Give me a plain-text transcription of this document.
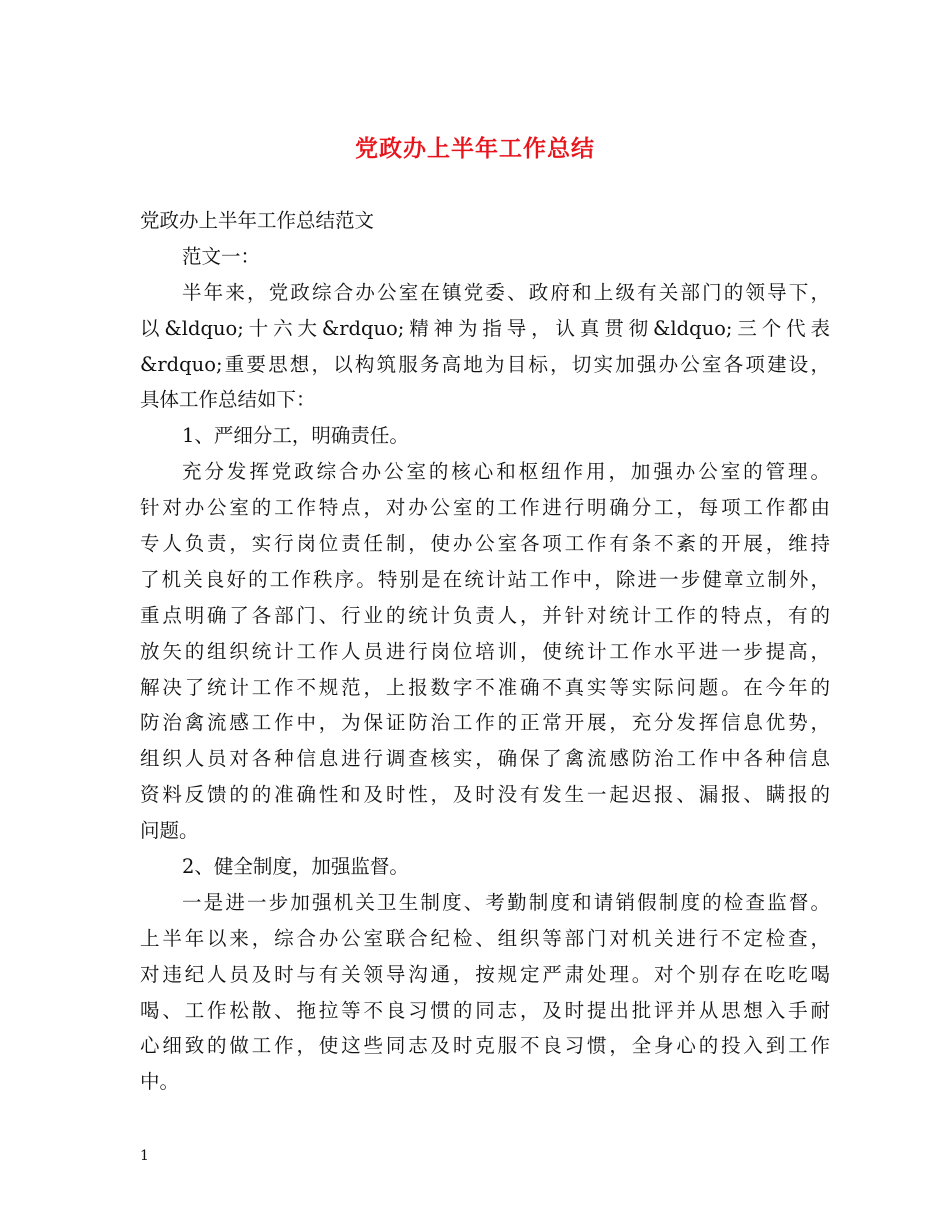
党政办上半年工作总结
党政办上半年工作总结范文
范文一：
半年来，党政综合办公室在镇党委、政府和上级有关部门的领导下，
以&ldquo;十六大&rdquo;精神为指导，认真贯彻&ldquo;三个代表
&rdquo;重要思想，以构筑服务高地为目标，切实加强办公室各项建设，
具体工作总结如下：
1、严细分工，明确责任。
充分发挥党政综合办公室的核心和枢纽作用，加强办公室的管理。
针对办公室的工作特点，对办公室的工作进行明确分工，每项工作都由
专人负责，实行岗位责任制，使办公室各项工作有条不紊的开展，维持
了机关良好的工作秩序。特别是在统计站工作中，除进一步健章立制外，
重点明确了各部门、行业的统计负责人，并针对统计工作的特点，有的
放矢的组织统计工作人员进行岗位培训，使统计工作水平进一步提高，
解决了统计工作不规范，上报数字不准确不真实等实际问题。在今年的
防治禽流感工作中，为保证防治工作的正常开展，充分发挥信息优势，
组织人员对各种信息进行调查核实，确保了禽流感防治工作中各种信息
资料反馈的的准确性和及时性，及时没有发生一起迟报、漏报、瞒报的
问题。
2、健全制度，加强监督。
一是进一步加强机关卫生制度、考勤制度和请销假制度的检查监督。
上半年以来，综合办公室联合纪检、组织等部门对机关进行不定检查，
对违纪人员及时与有关领导沟通，按规定严肃处理。对个别存在吃吃喝
喝、工作松散、拖拉等不良习惯的同志，及时提出批评并从思想入手耐
心细致的做工作，使这些同志及时克服不良习惯，全身心的投入到工作
中。
1
